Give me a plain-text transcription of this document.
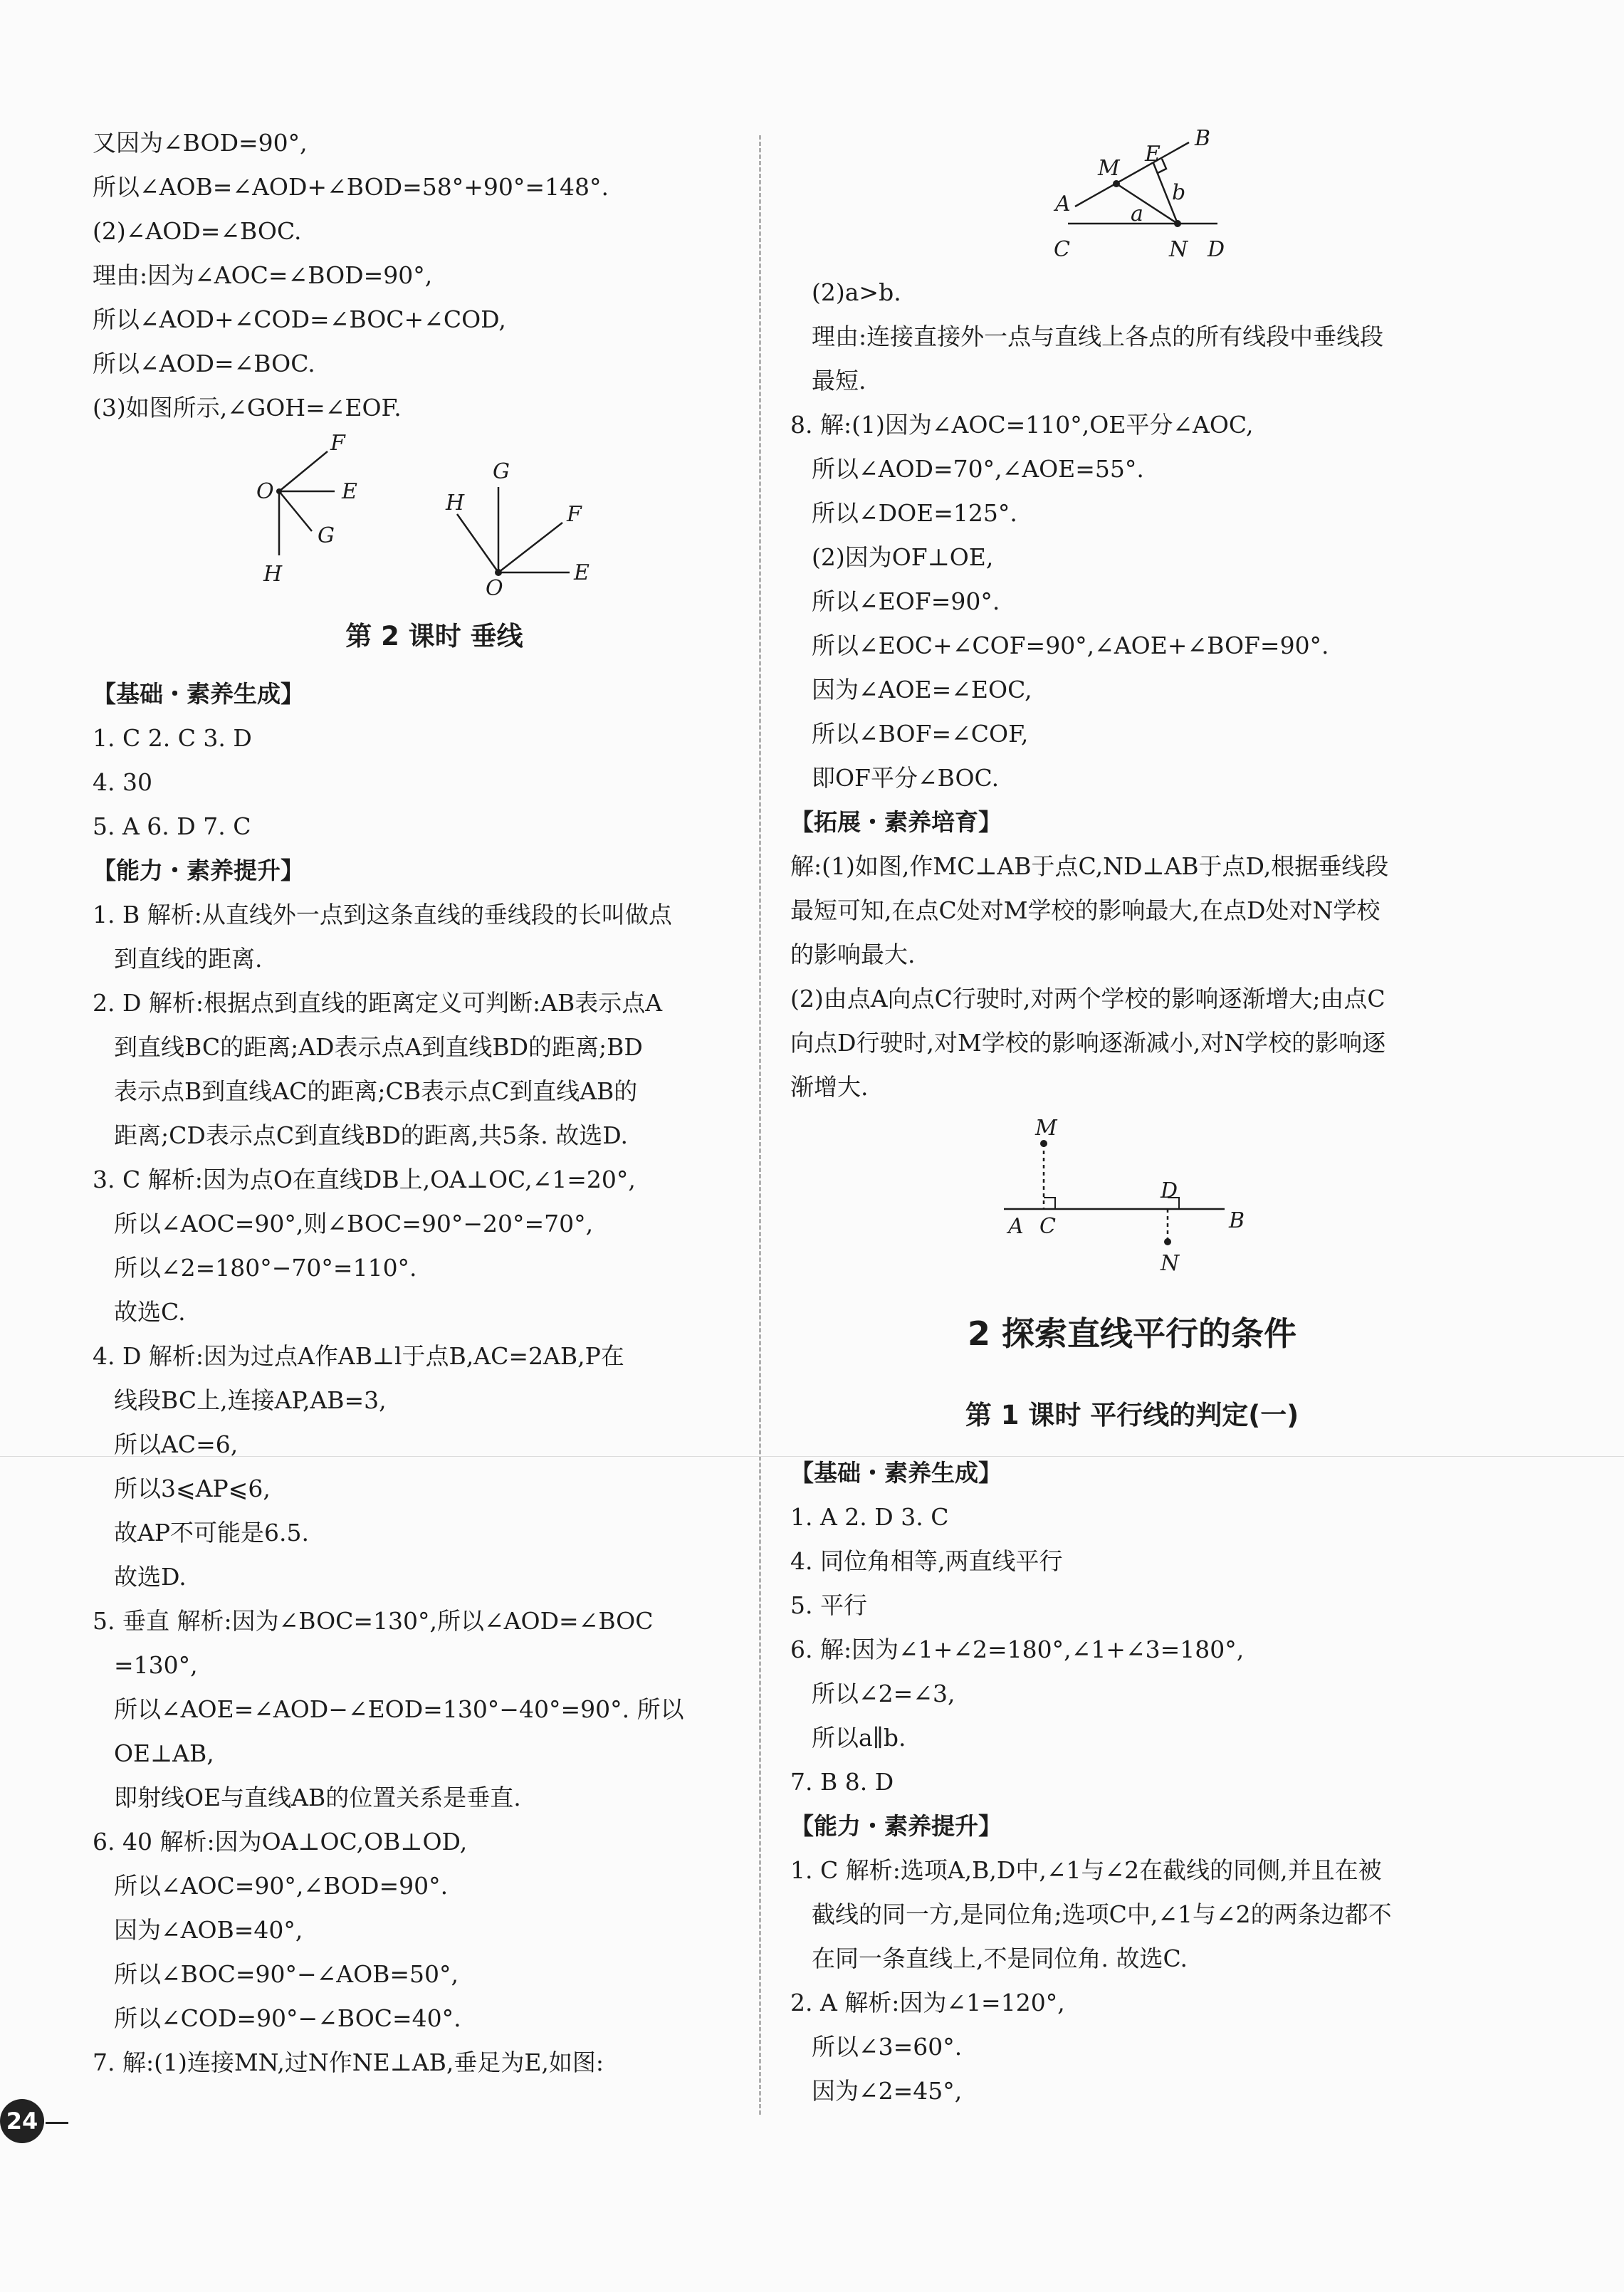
又因为∠BOD=90°,
所以∠AOB=∠AOD+∠BOD=58°+90°=148°.
(2)∠AOD=∠BOC.
理由:因为∠AOC=∠BOD=90°,
所以∠AOD+∠COD=∠BOC+∠COD,
所以∠AOD=∠BOC.
(3)如图所示,∠GOH=∠EOF.
O
F
E
G
H
H
G
F
E
O
第 2 课时 垂线
【基础・素养生成】
1. C 2. C 3. D
4. 30
5. A 6. D 7. C
【能力・素养提升】
1. B 解析:从直线外一点到这条直线的垂线段的长叫做点
到直线的距离.
2. D 解析:根据点到直线的距离定义可判断:AB表示点A
到直线BC的距离;AD表示点A到直线BD的距离;BD
表示点B到直线AC的距离;CB表示点C到直线AB的
距离;CD表示点C到直线BD的距离,共5条. 故选D.
3. C 解析:因为点O在直线DB上,OA⊥OC,∠1=20°,
所以∠AOC=90°,则∠BOC=90°−20°=70°,
所以∠2=180°−70°=110°.
故选C.
4. D 解析:因为过点A作AB⊥l于点B,AC=2AB,P在
线段BC上,连接AP,AB=3,
所以AC=6,
所以3⩽AP⩽6,
故AP不可能是6.5.
故选D.
5. 垂直 解析:因为∠BOC=130°,所以∠AOD=∠BOC
=130°,
所以∠AOE=∠AOD−∠EOD=130°−40°=90°. 所以
OE⊥AB,
即射线OE与直线AB的位置关系是垂直.
6. 40 解析:因为OA⊥OC,OB⊥OD,
所以∠AOC=90°,∠BOD=90°.
因为∠AOB=40°,
所以∠BOC=90°−∠AOB=50°,
所以∠COD=90°−∠BOC=40°.
7. 解:(1)连接MN,过N作NE⊥AB,垂足为E,如图:
B
M
E
b
A	a
C	N D
(2)a>b.
理由:连接直接外一点与直线上各点的所有线段中垂线段
最短.
8. 解:(1)因为∠AOC=110°,OE平分∠AOC,
所以∠AOD=70°,∠AOE=55°.
所以∠DOE=125°.
(2)因为OF⊥OE,
所以∠EOF=90°.
所以∠EOC+∠COF=90°,∠AOE+∠BOF=90°.
因为∠AOE=∠EOC,
所以∠BOF=∠COF,
即OF平分∠BOC.
【拓展・素养培育】
解:(1)如图,作MC⊥AB于点C,ND⊥AB于点D,根据垂线段
最短可知,在点C处对M学校的影响最大,在点D处对N学校
的影响最大.
(2)由点A向点C行驶时,对两个学校的影响逐渐增大;由点C
向点D行驶时,对M学校的影响逐渐减小,对N学校的影响逐
渐增大.
M
D
A C	B
N
2 探索直线平行的条件
第 1 课时 平行线的判定(一)
【基础・素养生成】
1. A 2. D 3. C
4. 同位角相等,两直线平行
5. 平行
6. 解:因为∠1+∠2=180°,∠1+∠3=180°,
所以∠2=∠3,
所以a∥b.
7. B 8. D
【能力・素养提升】
1. C 解析:选项A,B,D中,∠1与∠2在截线的同侧,并且在被
截线的同一方,是同位角;选项C中,∠1与∠2的两条边都不
在同一条直线上,不是同位角. 故选C.
2. A 解析:因为∠1=120°,
所以∠3=60°.
因为∠2=45°,
24
